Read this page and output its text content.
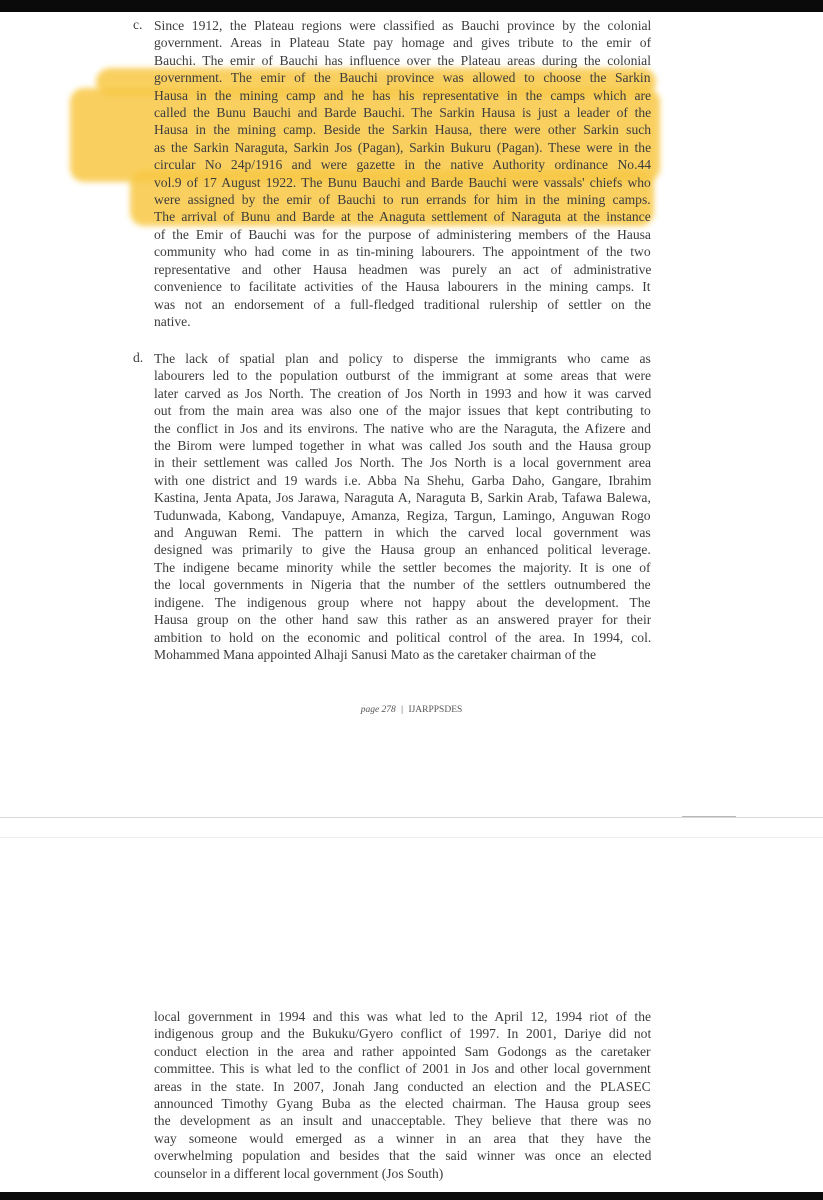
c. Since 1912, the Plateau regions were classified as Bauchi province by the colonial
government. Areas in Plateau State pay homage and gives tribute to the emir of
Bauchi. The emir of Bauchi has influence over the Plateau areas during the colonial
government. The emir of the Bauchi province was allowed to choose the Sarkin
Hausa in the mining camp and he has his representative in the camps which are
called the Bunu Bauchi and Barde Bauchi. The Sarkin Hausa is just a leader of the
Hausa in the mining camp. Beside the Sarkin Hausa, there were other Sarkin such
as the Sarkin Naraguta, Sarkin Jos (Pagan), Sarkin Bukuru (Pagan). These were in the
circular No 24p/1916 and were gazette in the native Authority ordinance No.44
vol.9 of 17 August 1922. The Bunu Bauchi and Barde Bauchi were vassals' chiefs who
were assigned by the emir of Bauchi to run errands for him in the mining camps.
The arrival of Bunu and Barde at the Anaguta settlement of Naraguta at the instance
of the Emir of Bauchi was for the purpose of administering members of the Hausa
community who had come in as tin-mining labourers. The appointment of the two
representative and other Hausa headmen was purely an act of administrative
convenience to facilitate activities of the Hausa labourers in the mining camps. It
was not an endorsement of a full-fledged traditional rulership of settler on the
native.
d. The lack of spatial plan and policy to disperse the immigrants who came as
labourers led to the population outburst of the immigrant at some areas that were
later carved as Jos North. The creation of Jos North in 1993 and how it was carved
out from the main area was also one of the major issues that kept contributing to
the conflict in Jos and its environs. The native who are the Naraguta, the Afizere and
the Birom were lumped together in what was called Jos south and the Hausa group
in their settlement was called Jos North. The Jos North is a local government area
with one district and 19 wards i.e. Abba Na Shehu, Garba Daho, Gangare, Ibrahim
Kastina, Jenta Apata, Jos Jarawa, Naraguta A, Naraguta B, Sarkin Arab, Tafawa Balewa,
Tudunwada, Kabong, Vandapuye, Amanza, Regiza, Targun, Lamingo, Anguwan Rogo
and Anguwan Remi. The pattern in which the carved local government was
designed was primarily to give the Hausa group an enhanced political leverage.
The indigene became minority while the settler becomes the majority. It is one of
the local governments in Nigeria that the number of the settlers outnumbered the
indigene. The indigenous group where not happy about the development. The
Hausa group on the other hand saw this rather as an answered prayer for their
ambition to hold on the economic and political control of the area. In 1994, col.
Mohammed Mana appointed Alhaji Sanusi Mato as the caretaker chairman of the
page 278 | IJARPPSDES
local government in 1994 and this was what led to the April 12, 1994 riot of the
indigenous group and the Bukuku/Gyero conflict of 1997. In 2001, Dariye did not
conduct election in the area and rather appointed Sam Godongs as the caretaker
committee. This is what led to the conflict of 2001 in Jos and other local government
areas in the state. In 2007, Jonah Jang conducted an election and the PLASEC
announced Timothy Gyang Buba as the elected chairman. The Hausa group sees
the development as an insult and unacceptable. They believe that there was no
way someone would emerged as a winner in an area that they have the
overwhelming population and besides that the said winner was once an elected
counselor in a different local government (Jos South)
